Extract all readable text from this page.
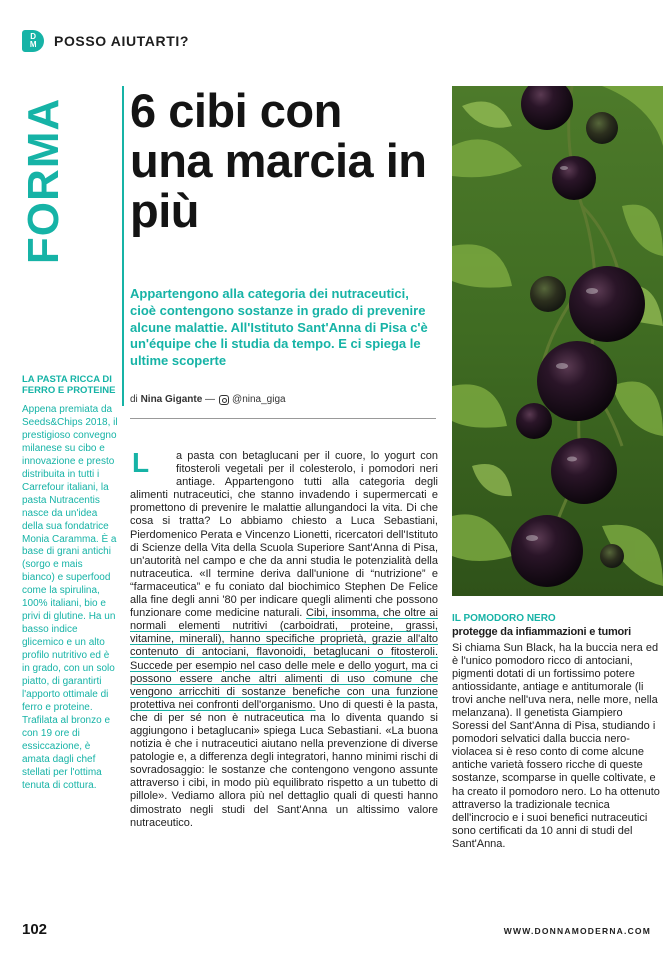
D
M POSSO AIUTARTI?
FORMA 6 cibi con una marcia in più

Appartengono alla categoria dei nutraceutici, cioè contengono sostanze in grado di prevenire alcune malattie. All'Istituto Sant'Anna di Pisa c'è un'équipe che li studia da tempo. E ci spiega le ultime scoperte

di
Nina Gigante
— @nina_giga
LA PASTA RICCA DI FERRO E PROTEINE
Appena premiata da Seeds&Chips 2018, il prestigioso convegno milanese su cibo e innovazione e presto distribuita in tutti i Carrefour italiani, la pasta Nutracentis nasce da un'idea della sua fondatrice Monia Caramma. È a base di grani antichi (sorgo e mais bianco) e superfood come la spirulina, 100% italiani, bio e privi di glutine. Ha un basso indice glicemico e un alto profilo nutritivo ed è in grado, con un solo piatto, di garantirti l'apporto ottimale di ferro e proteine. Trafilata al bronzo e con 19 ore di essiccazione, è amata dagli chef stellati per l'ottima tenuta di cottura.
L	a pasta con betaglucani per il cuore, lo yogurt con fitosteroli vegetali per il colesterolo, i pomodori neri antiage. Appartengono tutti alla categoria degli alimenti nutraceutici, che stanno invadendo i supermercati e promettono di prevenire le malattie allungandoci la vita. Di che cosa si tratta? Lo abbiamo chiesto a Luca Sebastiani, Pierdomenico Perata e Vincenzo Lionetti, ricercatori dell'Istituto di Scienze della Vita della Scuola Superiore Sant'Anna di Pisa, un'autorità nel campo e che da anni studia le potenzialità della nutraceutica. «Il termine deriva dall'unione di “nutrizione” e “farmaceutica” e fu coniato dal biochimico Stephen De Felice alla fine degli anni '80 per indicare quegli alimenti che possono funzionare come medicine naturali. Cibi, insomma, che oltre ai normali elementi nutritivi (carboidrati, proteine, grassi, vitamine, minerali), hanno specifiche proprietà, grazie all'alto contenuto di antociani, flavonoidi, betaglucani o fitosteroli. Succede per esempio nel caso delle mele e dello yogurt, ma ci possono essere anche altri alimenti di uso comune che vengono arricchiti di sostanze benefiche con una funzione protettiva nei confronti dell'organismo. Uno di questi è la pasta, che di per sé non è nutraceutica ma lo diventa quando si aggiungono i betaglucani» spiega Luca Sebastiani. «La buona notizia è che i nutraceutici aiutano nella prevenzione di diverse patologie e, a differenza degli integratori, hanno minimi rischi di sovradosaggio: le sostanze che contengono vengono assunte attraverso i cibi, in modo più equilibrato rispetto a un tubetto di pillole». Vediamo allora più nel dettaglio quali di questi hanno dimostrato negli studi del Sant'Anna un altissimo valore nutraceutico.
IL POMODORO NERO
protegge da infiammazioni e tumori
Si chiama Sun Black, ha la buccia nera ed è l'unico pomodoro ricco di antociani, pigmenti dotati di un fortissimo potere antiossidante, antiage e antitumorale (li trovi anche nell'uva nera, nelle more, nella melanzana). Il genetista Giampiero Soressi del Sant'Anna di Pisa, studiando i pomodori selvatici dalla buccia nero-violacea si è reso conto di come alcune antiche varietà fossero ricche di queste sostanze, scomparse in quelle coltivate, e ha creato il pomodoro nero. Lo ha ottenuto attraverso la tradizionale tecnica dell'incrocio e i suoi benefici nutraceutici sono certificati da 10 anni di studi del Sant'Anna.
102	WWW.DONNAMODERNA.COM
